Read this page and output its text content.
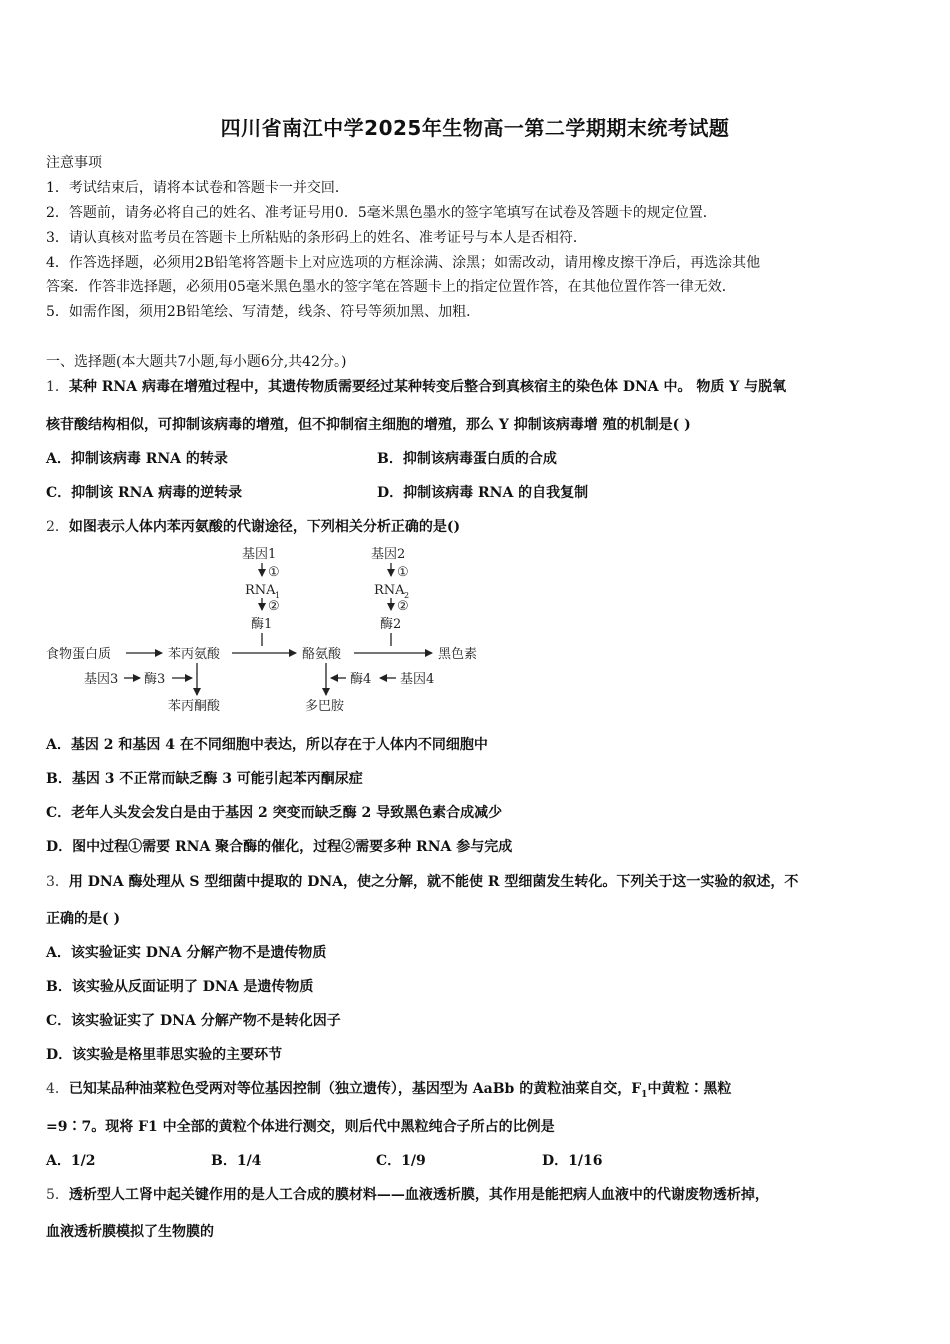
四川省南江中学2025年生物高一第二学期期末统考试题
注意事项
1．考试结束后，请将本试卷和答题卡一并交回．
2．答题前，请务必将自己的姓名、准考证号用0．5毫米黑色墨水的签字笔填写在试卷及答题卡的规定位置．
3．请认真核对监考员在答题卡上所粘贴的条形码上的姓名、准考证号与本人是否相符．
4．作答选择题，必须用2B铅笔将答题卡上对应选项的方框涂满、涂黑；如需改动，请用橡皮擦干净后，再选涂其他
答案．作答非选择题，必须用05毫米黑色墨水的签字笔在答题卡上的指定位置作答，在其他位置作答一律无效．
5．如需作图，须用2B铅笔绘、写清楚，线条、符号等须加黑、加粗．
一、选择题(本大题共7小题,每小题6分,共42分。)
1．某种 RNA 病毒在增殖过程中，其遗传物质需要经过某种转变后整合到真核宿主的染色体 DNA 中。 物质 Y 与脱氧
核苷酸结构相似，可抑制该病毒的增殖，但不抑制宿主细胞的增殖，那么 Y 抑制该病毒增 殖的机制是( )
A．抑制该病毒 RNA 的转录	B．抑制该病毒蛋白质的合成
C．抑制该 RNA 病毒的逆转录	D．抑制该病毒 RNA 的自我复制
2．如图表示人体内苯丙氨酸的代谢途径，下列相关分析正确的是()
基因1
①
RNA 1
②
酶1
基因2
①
RNA 2
②
酶2
食物蛋白质	苯丙氨酸	酪氨酸	黑色素
基因3 酶3
苯丙酮酸
酶4 基因4
多巴胺
A．基因 2 和基因 4 在不同细胞中表达，所以存在于人体内不同细胞中
B．基因 3 不正常而缺乏酶 3 可能引起苯丙酮尿症
C．老年人头发会发白是由于基因 2 突变而缺乏酶 2 导致黑色素合成减少
D．图中过程①需要 RNA 聚合酶的催化，过程②需要多种 RNA 参与完成
3．用 DNA 酶处理从 S 型细菌中提取的 DNA，使之分解，就不能使 R 型细菌发生转化。下列关于这一实验的叙述，不
正确的是( )
A．该实验证实 DNA 分解产物不是遗传物质
B．该实验从反面证明了 DNA 是遗传物质
C．该实验证实了 DNA 分解产物不是转化因子
D．该实验是格里菲思实验的主要环节
4．已知某品种油菜粒色受两对等位基因控制（独立遗传），基因型为 AaBb 的黄粒油菜自交，$F_1$中黄粒∶黑粒
=9∶7。现将 F1 中全部的黄粒个体进行测交，则后代中黑粒纯合子所占的比例是
A．1/2	B．1/4	C．1/9	D．1/16
5．透析型人工肾中起关键作用的是人工合成的膜材料——血液透析膜，其作用是能把病人血液中的代谢废物透析掉，
血液透析膜模拟了生物膜的
